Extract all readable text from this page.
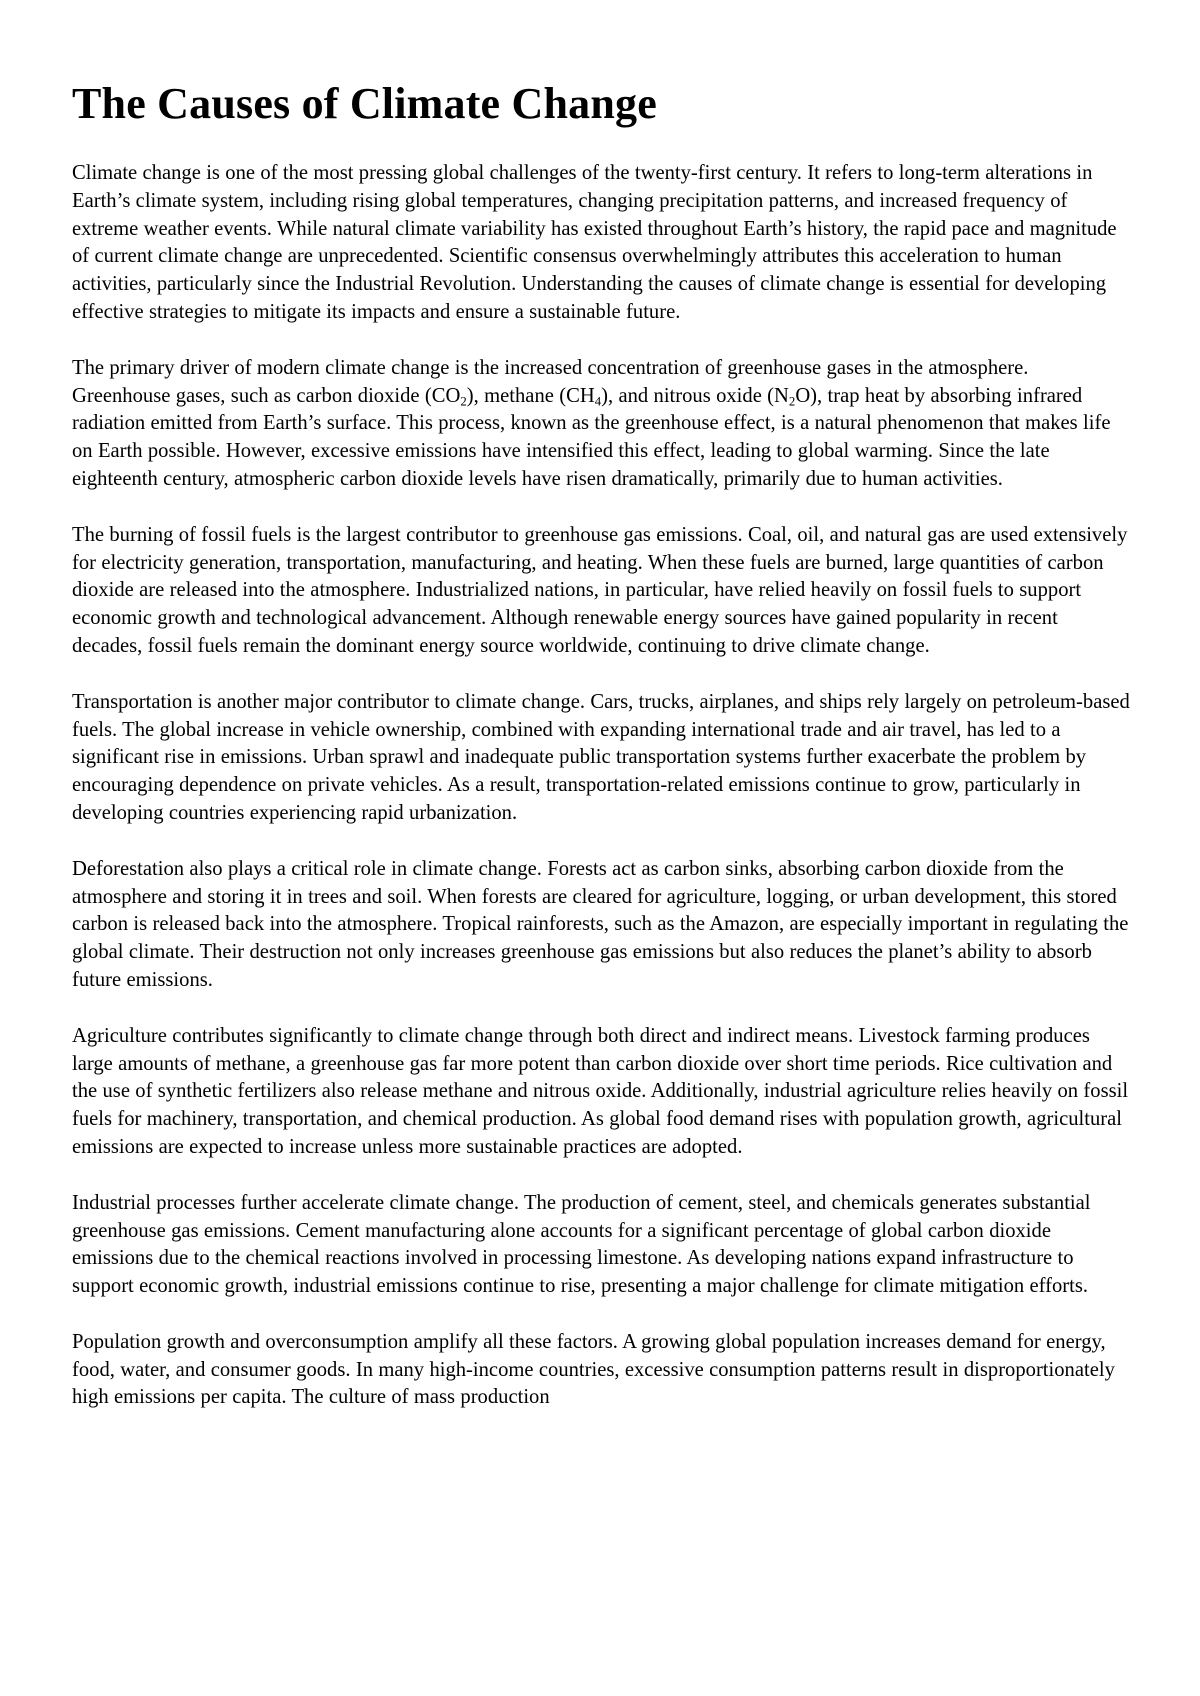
The Causes of Climate Change

Climate change is one of the most pressing global challenges of the twenty-first century. It refers to long-term alterations in Earth’s climate system, including rising global temperatures, changing precipitation patterns, and increased frequency of extreme weather events. While natural climate variability has existed throughout Earth’s history, the rapid pace and magnitude of current climate change are unprecedented. Scientific consensus overwhelmingly attributes this acceleration to human activities, particularly since the Industrial Revolution. Understanding the causes of climate change is essential for developing effective strategies to mitigate its impacts and ensure a sustainable future.

The primary driver of modern climate change is the increased concentration of greenhouse gases in the atmosphere. Greenhouse gases, such as carbon dioxide $(CO_2)$, methane $(CH_4)$, and nitrous oxide $(N_2O)$, trap heat by absorbing infrared radiation emitted from Earth’s surface. This process, known as the greenhouse effect, is a natural phenomenon that makes life on Earth possible. However, excessive emissions have intensified this effect, leading to global warming. Since the late eighteenth century, atmospheric carbon dioxide levels have risen dramatically, primarily due to human activities.

The burning of fossil fuels is the largest contributor to greenhouse gas emissions. Coal, oil, and natural gas are used extensively for electricity generation, transportation, manufacturing, and heating. When these fuels are burned, large quantities of carbon dioxide are released into the atmosphere. Industrialized nations, in particular, have relied heavily on fossil fuels to support economic growth and technological advancement. Although renewable energy sources have gained popularity in recent decades, fossil fuels remain the dominant energy source worldwide, continuing to drive climate change.

Transportation is another major contributor to climate change. Cars, trucks, airplanes, and ships rely largely on petroleum-based fuels. The global increase in vehicle ownership, combined with expanding international trade and air travel, has led to a significant rise in emissions. Urban sprawl and inadequate public transportation systems further exacerbate the problem by encouraging dependence on private vehicles. As a result, transportation-related emissions continue to grow, particularly in developing countries experiencing rapid urbanization.

Deforestation also plays a critical role in climate change. Forests act as carbon sinks, absorbing carbon dioxide from the atmosphere and storing it in trees and soil. When forests are cleared for agriculture, logging, or urban development, this stored carbon is released back into the atmosphere. Tropical rainforests, such as the Amazon, are especially important in regulating the global climate. Their destruction not only increases greenhouse gas emissions but also reduces the planet’s ability to absorb future emissions.

Agriculture contributes significantly to climate change through both direct and indirect means. Livestock farming produces large amounts of methane, a greenhouse gas far more potent than carbon dioxide over short time periods. Rice cultivation and the use of synthetic fertilizers also release methane and nitrous oxide. Additionally, industrial agriculture relies heavily on fossil fuels for machinery, transportation, and chemical production. As global food demand rises with population growth, agricultural emissions are expected to increase unless more sustainable practices are adopted.

Industrial processes further accelerate climate change. The production of cement, steel, and chemicals generates substantial greenhouse gas emissions. Cement manufacturing alone accounts for a significant percentage of global carbon dioxide emissions due to the chemical reactions involved in processing limestone. As developing nations expand infrastructure to support economic growth, industrial emissions continue to rise, presenting a major challenge for climate mitigation efforts.

Population growth and overconsumption amplify all these factors. A growing global population increases demand for energy, food, water, and consumer goods. In many high-income countries, excessive consumption patterns result in disproportionately high emissions per capita. The culture of mass production
